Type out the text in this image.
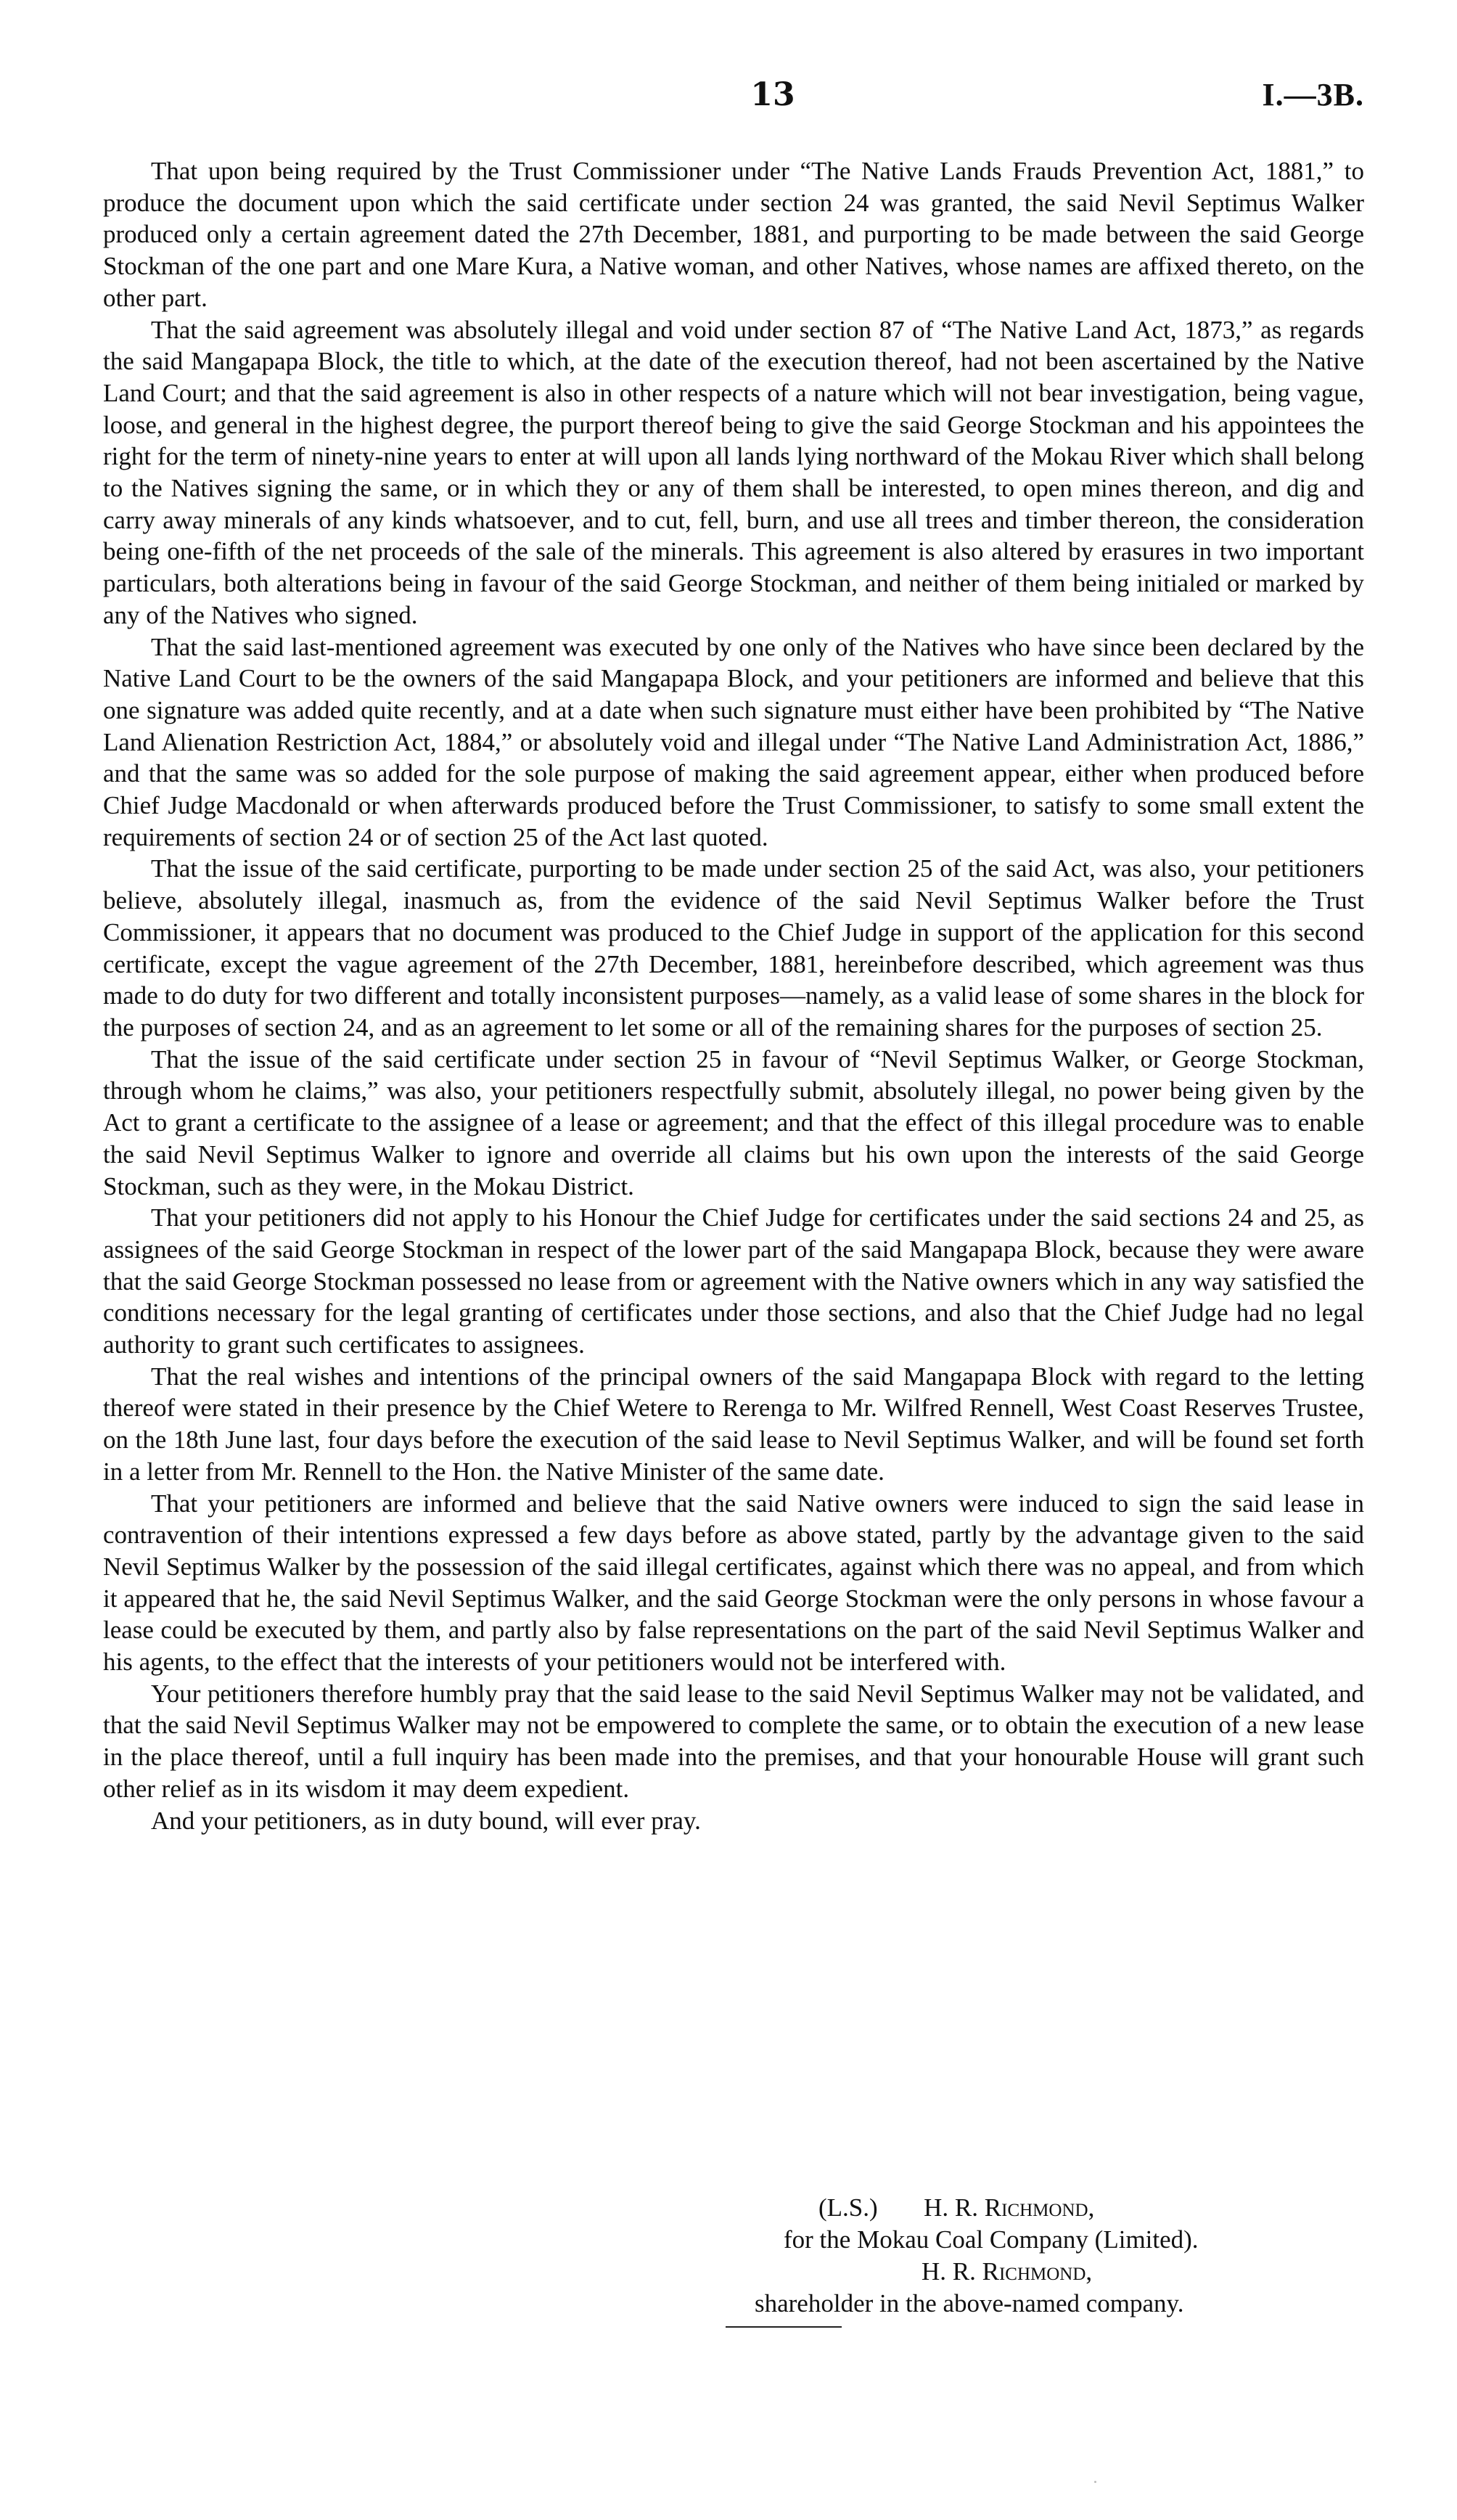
13	I.—3B.

That upon being required by the Trust Commissioner under “The Native Lands Frauds Prevention Act, 1881,” to produce the document upon which the said certificate under section 24 was granted, the said Nevil Septimus Walker produced only a certain agreement dated the 27th December, 1881, and purporting to be made between the said George Stockman of the one part and one Mare Kura, a Native woman, and other Natives, whose names are affixed thereto, on the other part.

That the said agreement was absolutely illegal and void under section 87 of “The Native Land Act, 1873,” as regards the said Mangapapa Block, the title to which, at the date of the execution thereof, had not been ascertained by the Native Land Court; and that the said agreement is also in other respects of a nature which will not bear investigation, being vague, loose, and general in the highest degree, the purport thereof being to give the said George Stockman and his appointees the right for the term of ninety-nine years to enter at will upon all lands lying northward of the Mokau River which shall belong to the Natives signing the same, or in which they or any of them shall be interested, to open mines thereon, and dig and carry away minerals of any kinds whatsoever, and to cut, fell, burn, and use all trees and timber thereon, the consideration being one-fifth of the net proceeds of the sale of the minerals. This agreement is also altered by erasures in two important particulars, both alterations being in favour of the said George Stockman, and neither of them being initialed or marked by any of the Natives who signed.

That the said last-mentioned agreement was executed by one only of the Natives who have since been declared by the Native Land Court to be the owners of the said Mangapapa Block, and your petitioners are informed and believe that this one signature was added quite recently, and at a date when such signature must either have been prohibited by “The Native Land Alienation Restriction Act, 1884,” or absolutely void and illegal under “The Native Land Administration Act, 1886,” and that the same was so added for the sole purpose of making the said agreement appear, either when produced before Chief Judge Macdonald or when afterwards produced before the Trust Commissioner, to satisfy to some small extent the requirements of section 24 or of section 25 of the Act last quoted.

That the issue of the said certificate, purporting to be made under section 25 of the said Act, was also, your petitioners believe, absolutely illegal, inasmuch as, from the evidence of the said Nevil Septimus Walker before the Trust Commissioner, it appears that no document was produced to the Chief Judge in support of the application for this second certificate, except the vague agreement of the 27th December, 1881, hereinbefore described, which agreement was thus made to do duty for two different and totally inconsistent purposes—namely, as a valid lease of some shares in the block for the purposes of section 24, and as an agreement to let some or all of the remaining shares for the purposes of section 25.

That the issue of the said certificate under section 25 in favour of “Nevil Septimus Walker, or George Stockman, through whom he claims,” was also, your petitioners respectfully submit, absolutely illegal, no power being given by the Act to grant a certificate to the assignee of a lease or agreement; and that the effect of this illegal procedure was to enable the said Nevil Septimus Walker to ignore and override all claims but his own upon the interests of the said George Stockman, such as they were, in the Mokau District.

That your petitioners did not apply to his Honour the Chief Judge for certificates under the said sections 24 and 25, as assignees of the said George Stockman in respect of the lower part of the said Mangapapa Block, because they were aware that the said George Stockman possessed no lease from or agreement with the Native owners which in any way satisfied the conditions necessary for the legal granting of certificates under those sections, and also that the Chief Judge had no legal authority to grant such certificates to assignees.

That the real wishes and intentions of the principal owners of the said Mangapapa Block with regard to the letting thereof were stated in their presence by the Chief Wetere to Rerenga to Mr. Wilfred Rennell, West Coast Reserves Trustee, on the 18th June last, four days before the execution of the said lease to Nevil Septimus Walker, and will be found set forth in a letter from Mr. Rennell to the Hon. the Native Minister of the same date.

That your petitioners are informed and believe that the said Native owners were induced to sign the said lease in contravention of their intentions expressed a few days before as above stated, partly by the advantage given to the said Nevil Septimus Walker by the possession of the said illegal certificates, against which there was no appeal, and from which it appeared that he, the said Nevil Septimus Walker, and the said George Stockman were the only persons in whose favour a lease could be executed by them, and partly also by false representations on the part of the said Nevil Septimus Walker and his agents, to the effect that the interests of your petitioners would not be interfered with.

Your petitioners therefore humbly pray that the said lease to the said Nevil Septimus Walker may not be validated, and that the said Nevil Septimus Walker may not be empowered to complete the same, or to obtain the execution of a new lease in the place thereof, until a full inquiry has been made into the premises, and that your honourable House will grant such other relief as in its wisdom it may deem expedient.

And your petitioners, as in duty bound, will ever pray.

(L.S.) H. R. Richmond,
for the Mokau Coal Company (Limited).
H. R. Richmond,
shareholder in the above-named company.
